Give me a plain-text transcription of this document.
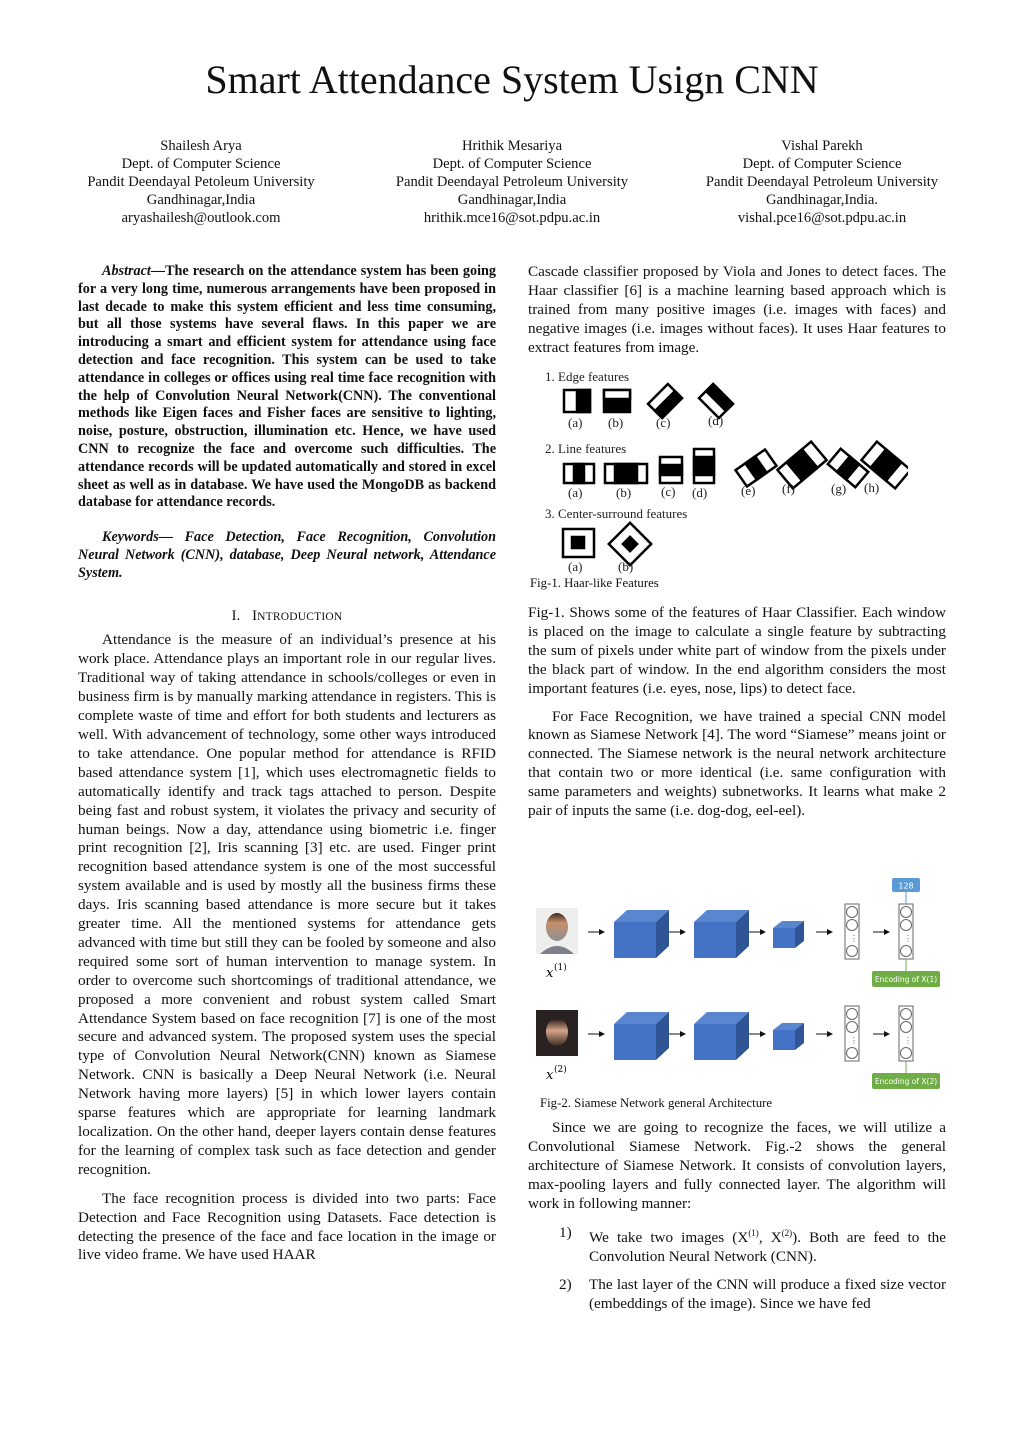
Smart Attendance System Usign CNN
Shailesh Arya
Dept. of Computer Science
Pandit Deendayal Petoleum University
Gandhinagar,India
aryashailesh@outlook.com
Hrithik Mesariya
Dept. of Computer Science
Pandit Deendayal Petroleum University
Gandhinagar,India
hrithik.mce16@sot.pdpu.ac.in
Vishal Parekh
Dept. of Computer Science
Pandit Deendayal Petroleum University
Gandhinagar,India.
vishal.pce16@sot.pdpu.ac.in

Abstract—The research on the attendance system has been going for a very long time, numerous arrangements have been proposed in last decade to make this system efficient and less time consuming, but all those systems have several flaws. In this paper we are introducing a smart and efficient system for attendance using face detection and face recognition. This system can be used to take attendance in colleges or offices using real time face recognition with the help of Convolution Neural Network(CNN). The conventional methods like Eigen faces and Fisher faces are sensitive to lighting, noise, posture, obstruction, illumination etc. Hence, we have used CNN to recognize the face and overcome such difficulties. The attendance records will be updated automatically and stored in excel sheet as well as in database. We have used the MongoDB as backend database for attendance records.

Keywords— Face Detection, Face Recognition, Convolution Neural Network (CNN), database, Deep Neural network, Attendance System.

I. INTRODUCTION

Attendance is the measure of an individual’s presence at his work place. Attendance plays an important role in our regular lives. Traditional way of taking attendance in schools/colleges or even in business firm is by manually marking attendance in registers. This is complete waste of time and effort for both students and lecturers as well. With advancement of technology, some other ways introduced to take attendance. One popular method for attendance is RFID based attendance system [1], which uses electromagnetic fields to automatically identify and track tags attached to person. Despite being fast and robust system, it violates the privacy and security of human beings. Now a day, attendance using biometric i.e. finger print recognition [2], Iris scanning [3] etc. are used. Finger print recognition based attendance system is one of the most successful system available and is used by mostly all the business firms these days. Iris scanning based attendance is more secure but it takes greater time. All the mentioned systems for attendance gets advanced with time but still they can be fooled by someone and also required some sort of human intervention to manage system. In order to overcome such shortcomings of traditional attendance, we proposed a more convenient and robust system called Smart Attendance System based on face recognition [7] is one of the most secure and advanced system. The proposed system uses the special type of Convolution Neural Network(CNN) known as Siamese Network. CNN is basically a Deep Neural Network (i.e. Neural Network having more layers) [5] in which lower layers contain sparse features which are appropriate for learning landmark localization. On the other hand, deeper layers contain dense features for the learning of complex task such as face detection and gender recognition.

The face recognition process is divided into two parts: Face Detection and Face Recognition using Datasets. Face detection is detecting the presence of the face and face location in the image or live video frame. We have used HAAR

Cascade classifier proposed by Viola and Jones to detect faces. The Haar classifier [6] is a machine learning based approach which is trained from many positive images (i.e. images with faces) and negative images (i.e. images without faces). It uses Haar features to extract features from image.

1. Edge features
2. Line features
3. Center-surround features
(a) (b)	(c)	(d)
(a)	(b) (c) (d)	(e) (f)	(g) (h)
(a)	(b)
Fig-1. Haar-like Features

Fig-1. Shows some of the features of Haar Classifier. Each window is placed on the image to calculate a single feature by subtracting the sum of pixels under white part of window from the pixels under the black part of window. In the end algorithm considers the most important features (i.e. eyes, nose, lips) to detect face.

For Face Recognition, we have trained a special CNN model known as Siamese Network [4]. The word “Siamese” means joint or connected. The Siamese network is the neural network architecture that contain two or more identical (i.e. same configuration with same parameters and weights) subnetworks. It learns what make 2 pair of inputs the same (i.e. dog-dog, eel-eel).

x (1)
⋮	⋮
128
Encoding of X(1)
x (2)
⋮	⋮
Encoding of X(2)
Fig-2. Siamese Network general Architecture

Since we are going to recognize the faces, we will utilize a Convolutional Siamese Network. Fig.-2 shows the general architecture of Siamese Network. It consists of convolution layers, max-pooling layers and fully connected layer. The algorithm will work in following manner:

1) We take two images ($X^{(1)}$, $X^{(2)}$). Both are feed to the Convolution Neural Network (CNN).
2) The last layer of the CNN will produce a fixed size vector (embeddings of the image). Since we have fed
